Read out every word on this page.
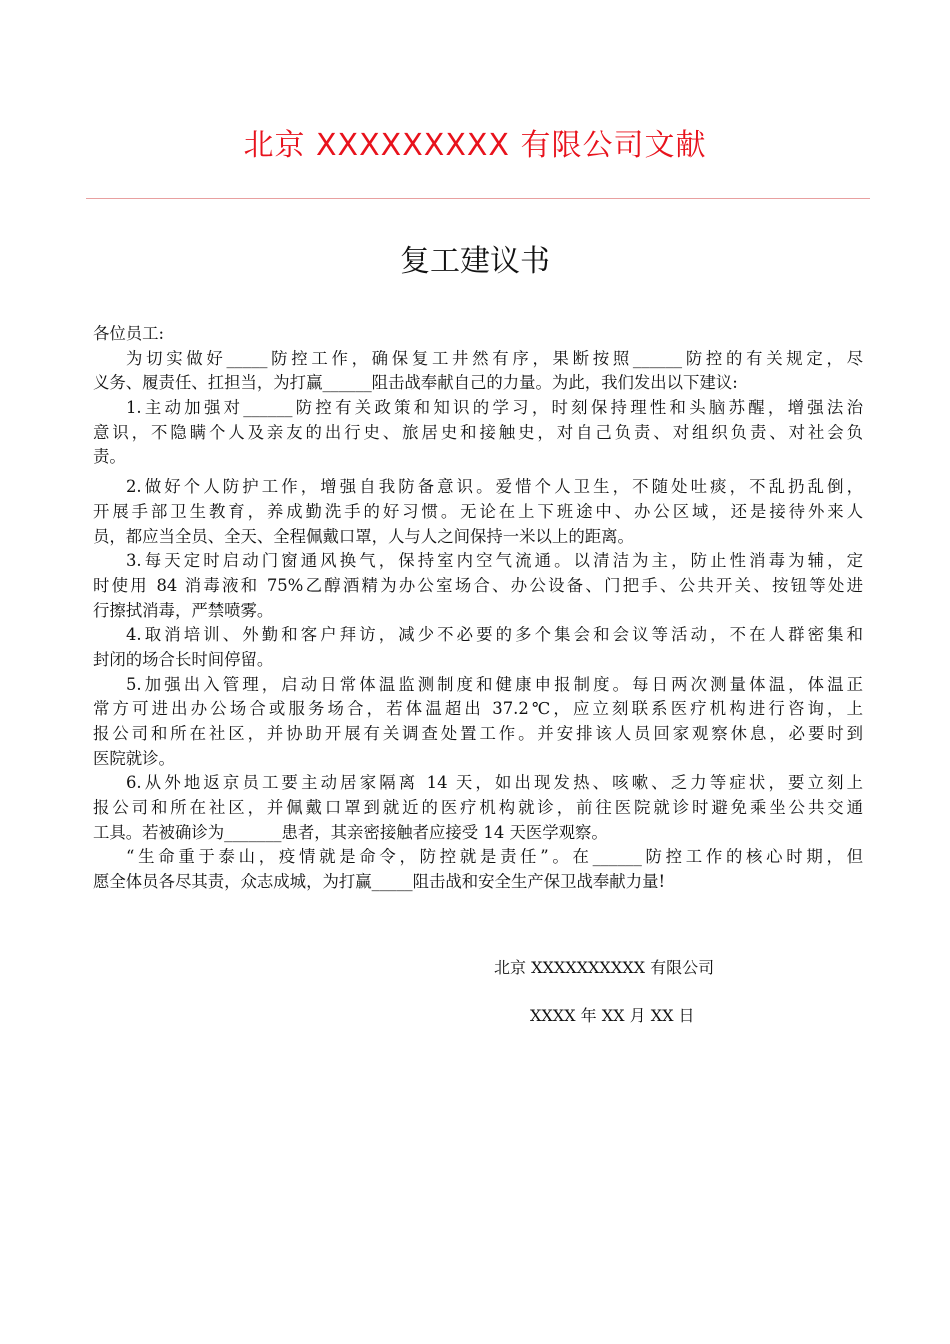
北京 XXXXXXXXX 有限公司文献
复工建议书
各位员工:
为切实做好_____防控工作，确保复工井然有序，果断按照______防控的有关规定，尽
义务、履责任、扛担当，为打赢______阻击战奉献自己的力量。为此，我们发出以下建议:
1.主动加强对______防控有关政策和知识的学习，时刻保持理性和头脑苏醒，增强法治
意识，不隐瞒个人及亲友的出行史、旅居史和接触史，对自己负责、对组织负责、对社会负
责。
2.做好个人防护工作，增强自我防备意识。爱惜个人卫生，不随处吐痰，不乱扔乱倒，
开展手部卫生教育，养成勤洗手的好习惯。无论在上下班途中、办公区域，还是接待外来人
员，都应当全员、全天、全程佩戴口罩，人与人之间保持一米以上的距离。
3.每天定时启动门窗通风换气，保持室内空气流通。以清洁为主，防止性消毒为辅，定
时使用 84 消毒液和 75%乙醇酒精为办公室场合、办公设备、门把手、公共开关、按钮等处进
行擦拭消毒，严禁喷雾。
4.取消培训、外勤和客户拜访，减少不必要的多个集会和会议等活动，不在人群密集和
封闭的场合长时间停留。
5.加强出入管理，启动日常体温监测制度和健康申报制度。每日两次测量体温，体温正
常方可进出办公场合或服务场合，若体温超出 37.2℃，应立刻联系医疗机构进行咨询，上
报公司和所在社区，并协助开展有关调查处置工作。并安排该人员回家观察休息，必要时到
医院就诊。
6.从外地返京员工要主动居家隔离 14 天，如出现发热、咳嗽、乏力等症状，要立刻上
报公司和所在社区，并佩戴口罩到就近的医疗机构就诊，前往医院就诊时避免乘坐公共交通
工具。若被确诊为_______患者，其亲密接触者应接受 14 天医学观察。
“生命重于泰山，疫情就是命令，防控就是责任”。在______防控工作的核心时期，但
愿全体员各尽其责，众志成城，为打赢_____阻击战和安全生产保卫战奉献力量!
北京 XXXXXXXXXX 有限公司
XXXX 年 XX 月 XX 日
